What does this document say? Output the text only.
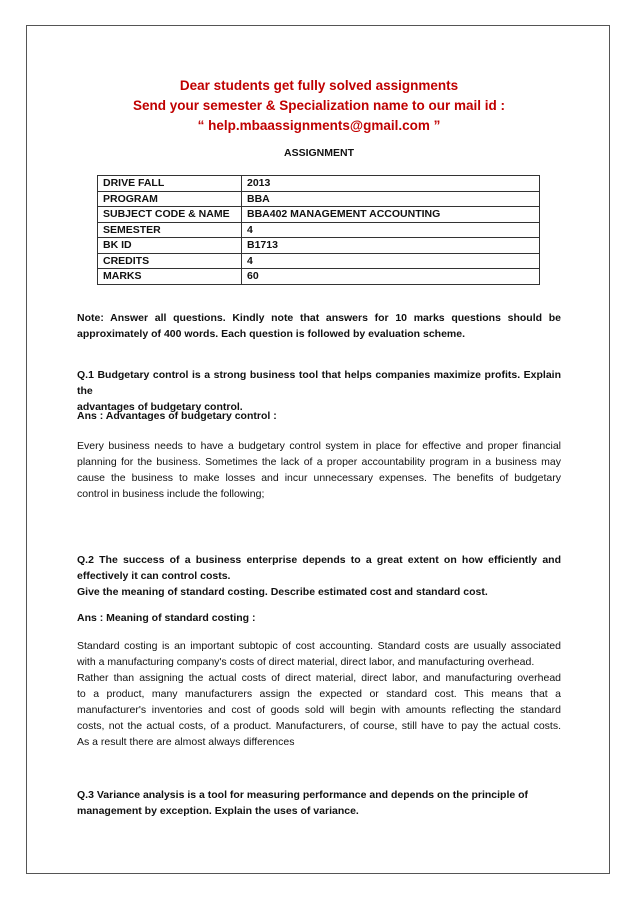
Dear students get fully solved assignments
Send your semester & Specialization name to our mail id :
“ help.mbaassignments@gmail.com ”
ASSIGNMENT
DRIVE FALL	2013
PROGRAM	BBA
SUBJECT CODE & NAME	BBA402 MANAGEMENT ACCOUNTING
SEMESTER	4
BK ID	B1713
CREDITS	4
MARKS	60
Note: Answer all questions. Kindly note that answers for 10 marks questions should be
approximately of 400 words. Each question is followed by evaluation scheme.
Q.1 Budgetary control is a strong business tool that helps companies maximize profits. Explain the
advantages of budgetary control.
Ans : Advantages of budgetary control :
Every business needs to have a budgetary control system in place for effective and proper financial
planning for the business. Sometimes the lack of a proper accountability program in a business may
cause the business to make losses and incur unnecessary expenses. The benefits of budgetary
control in business include the following;
Q.2 The success of a business enterprise depends to a great extent on how efficiently and
effectively it can control costs.
Give the meaning of standard costing. Describe estimated cost and standard cost.
Ans : Meaning of standard costing :
Standard costing is an important subtopic of cost accounting. Standard costs are usually associated
with a manufacturing company's costs of direct material, direct labor, and manufacturing overhead.
Rather than assigning the actual costs of direct material, direct labor, and manufacturing overhead
to a product, many manufacturers assign the expected or standard cost. This means that a
manufacturer's inventories and cost of goods sold will begin with amounts reflecting the standard
costs, not the actual costs, of a product. Manufacturers, of course, still have to pay the actual costs.
As a result there are almost always differences
Q.3 Variance analysis is a tool for measuring performance and depends on the principle of
management by exception. Explain the uses of variance.
